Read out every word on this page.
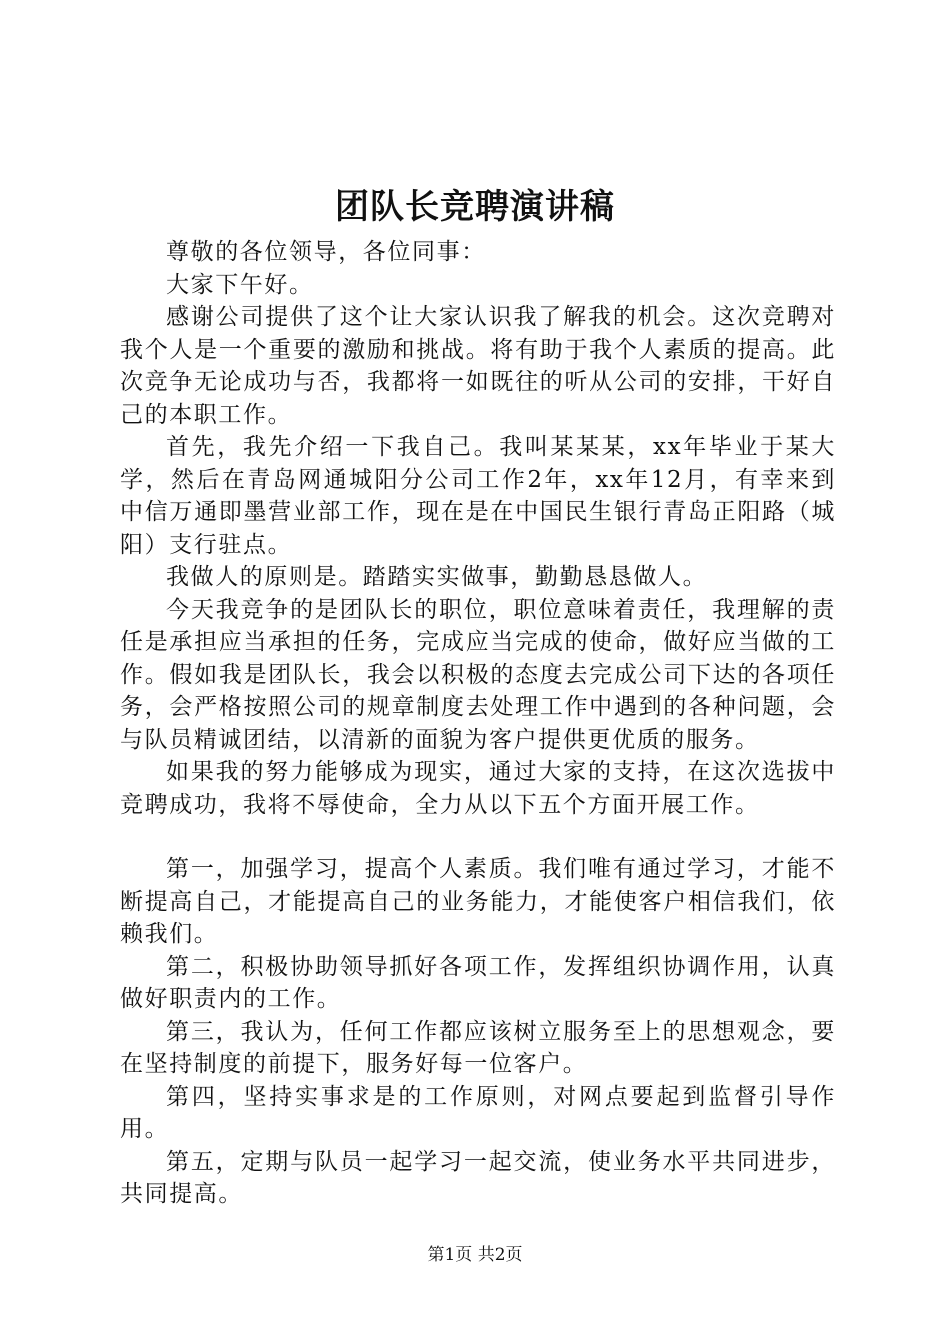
团队长竞聘演讲稿

尊敬的各位领导，各位同事：

大家下午好。

感谢公司提供了这个让大家认识我了解我的机会。这次竞聘对我个人是一个重要的激励和挑战。将有助于我个人素质的提高。此次竞争无论成功与否，我都将一如既往的听从公司的安排，干好自己的本职工作。

首先，我先介绍一下我自己。我叫某某某，xx年毕业于某大学，然后在青岛网通城阳分公司工作2年，xx年12月，有幸来到中信万通即墨营业部工作，现在是在中国民生银行青岛正阳路（城阳）支行驻点。

我做人的原则是。踏踏实实做事，勤勤恳恳做人。

今天我竞争的是团队长的职位，职位意味着责任，我理解的责任是承担应当承担的任务，完成应当完成的使命，做好应当做的工作。假如我是团队长，我会以积极的态度去完成公司下达的各项任务，会严格按照公司的规章制度去处理工作中遇到的各种问题，会与队员精诚团结，以清新的面貌为客户提供更优质的服务。

如果我的努力能够成为现实，通过大家的支持，在这次选拔中竞聘成功，我将不辱使命，全力从以下五个方面开展工作。

第一，加强学习，提高个人素质。我们唯有通过学习，才能不断提高自己，才能提高自己的业务能力，才能使客户相信我们，依赖我们。

第二，积极协助领导抓好各项工作，发挥组织协调作用，认真做好职责内的工作。

第三，我认为，任何工作都应该树立服务至上的思想观念，要在坚持制度的前提下，服务好每一位客户。

第四，坚持实事求是的工作原则，对网点要起到监督引导作用。

第五，定期与队员一起学习一起交流，使业务水平共同进步，共同提高。

第1页 共2页
